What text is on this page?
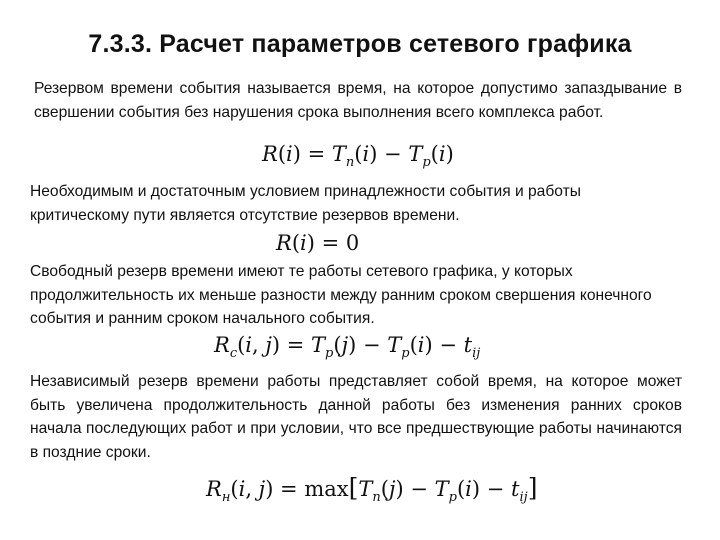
7.3.3. Расчет параметров сетевого графика

Резервом времени события называется время, на которое допустимо запаздывание в свершении события без нарушения срока выполнения всего комплекса работ.

$R(i) = T_п(i) - T_p(i)$

Необходимым и достаточным условием принадлежности события и работы критическому пути является отсутствие резервов времени.

R(i) = 0

Свободный резерв времени имеют те работы сетевого графика, у которых продолжительность их меньше разности между ранним сроком свершения конечного события и ранним сроком начального события.

$R_c(i$, $j) = T_p(j) - T_p(i) - t_{ij}$

Независимый резерв времени работы представляет собой время, на которое может быть увеличена продолжительность данной работы без изменения ранних сроков начала последующих работ и при условии, что все предшествующие работы начинаются в поздние сроки.

$R_н(i$, $j) = \max[T_п(j) - T_p(i) - t_{ij}]$
